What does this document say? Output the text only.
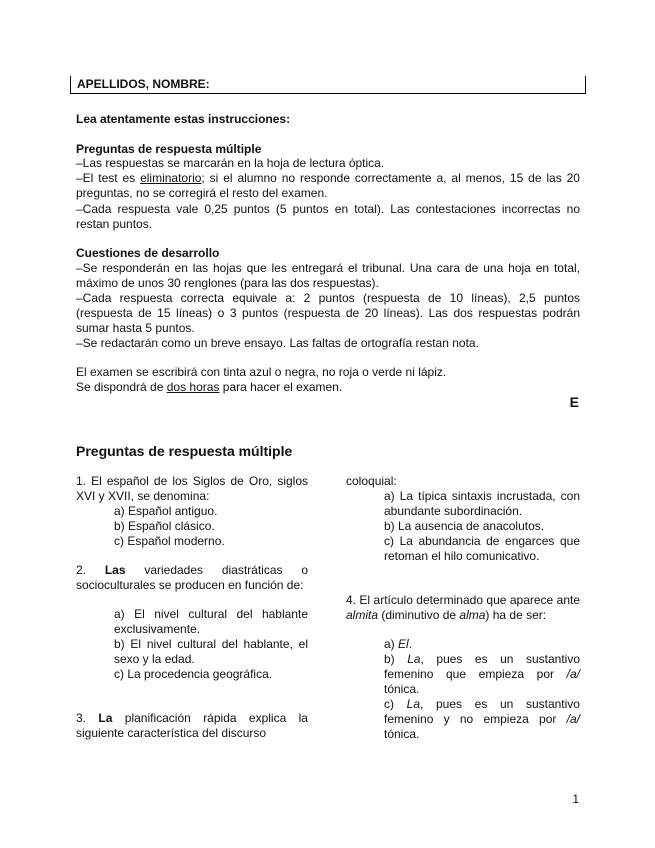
APELLIDOS, NOMBRE:

Lea atentamente estas instrucciones:

Preguntas de respuesta múltiple

–Las respuestas se marcarán en la hoja de lectura óptica.

–El test es eliminatorio; si el alumno no responde correctamente a, al menos, 15 de las 20 preguntas, no se corregirá el resto del examen.

–Cada respuesta vale 0,25 puntos (5 puntos en total). Las contestaciones incorrectas no restan puntos.

Cuestiones de desarrollo

–Se responderán en las hojas que les entregará el tribunal. Una cara de una hoja en total, máximo de unos 30 renglones (para las dos respuestas).

–Cada respuesta correcta equivale a: 2 puntos (respuesta de 10 líneas), 2,5 puntos (respuesta de 15 líneas) o 3 puntos (respuesta de 20 líneas). Las dos respuestas podrán sumar hasta 5 puntos.

–Se redactarán como un breve ensayo. Las faltas de ortografía restan nota.

El examen se escribirá con tinta azul o negra, no roja o verde ni lápiz.

Se dispondrá de dos horas para hacer el examen.

E

Preguntas de respuesta múltiple

1. El español de los Siglos de Oro, siglos XVI y XVII, se denomina:

a) Español antiguo.

b) Español clásico.

c) Español moderno.

2. Las variedades diastráticas o socioculturales se producen en función de:

a) El nivel cultural del hablante exclusivamente.

b) El nivel cultural del hablante, el sexo y la edad.

c) La procedencia geográfica.

3. La planificación rápida explica la siguiente característica del discurso

coloquial:

a) La típica sintaxis incrustada, con abundante subordinación.

b) La ausencia de anacolutos.

c) La abundancia de engarces que retoman el hilo comunicativo.

4. El artículo determinado que aparece ante almita (diminutivo de alma) ha de ser:

a) El.

b) La, pues es un sustantivo femenino que empieza por /a/ tónica.

c) La, pues es un sustantivo femenino y no empieza por /a/ tónica.

1
